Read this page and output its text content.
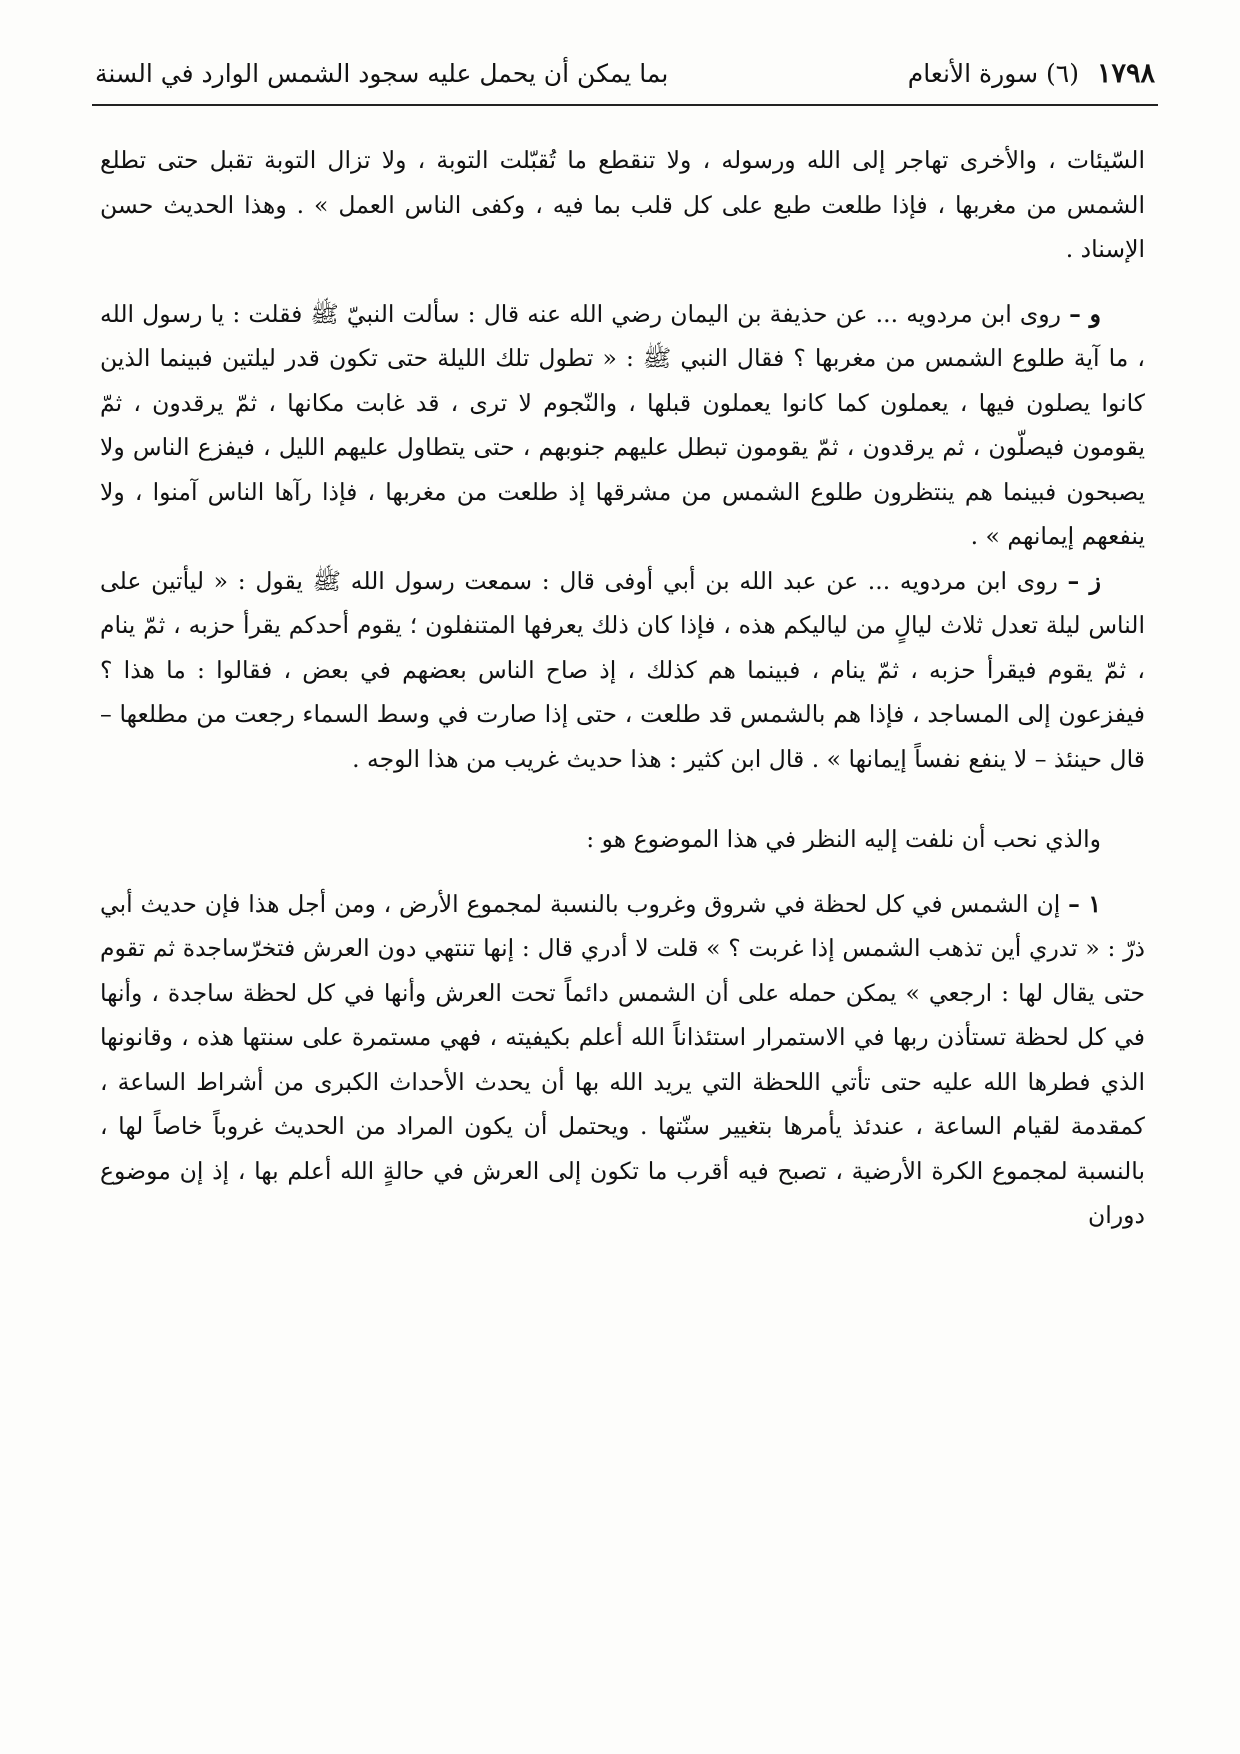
١٧٩٨
(٦) سورة الأنعام
بما يمكن أن يحمل عليه سجود الشمس الوارد في السنة

السّيئات ، والأخرى تهاجر إلى الله ورسوله ، ولا تنقطع ما تُقبّلت التوبة ، ولا تزال التوبة تقبل حتى تطلع الشمس من مغربها ، فإذا طلعت طبع على كل قلب بما فيه ، وكفى الناس العمل » . وهذا الحديث حسن الإسناد .

و – روى ابن مردويه ... عن حذيفة بن اليمان رضي الله عنه قال : سألت النبيّ ﷺ فقلت : يا رسول الله ، ما آية طلوع الشمس من مغربها ؟ فقال النبي ﷺ : « تطول تلك الليلة حتى تكون قدر ليلتين فبينما الذين كانوا يصلون فيها ، يعملون كما كانوا يعملون قبلها ، والنّجوم لا ترى ، قد غابت مكانها ، ثمّ يرقدون ، ثمّ يقومون فيصلّون ، ثم يرقدون ، ثمّ يقومون تبطل عليهم جنوبهم ، حتى يتطاول عليهم الليل ، فيفزع الناس ولا يصبحون فبينما هم ينتظرون طلوع الشمس من مشرقها إذ طلعت من مغربها ، فإذا رآها الناس آمنوا ، ولا ينفعهم إيمانهم » .

ز – روى ابن مردويه ... عن عبد الله بن أبي أوفى قال : سمعت رسول الله ﷺ يقول : « ليأتين على الناس ليلة تعدل ثلاث ليالٍ من لياليكم هذه ، فإذا كان ذلك يعرفها المتنفلون ؛ يقوم أحدكم يقرأ حزبه ، ثمّ ينام ، ثمّ يقوم فيقرأ حزبه ، ثمّ ينام ، فبينما هم كذلك ، إذ صاح الناس بعضهم في بعض ، فقالوا : ما هذا ؟ فيفزعون إلى المساجد ، فإذا هم بالشمس قد طلعت ، حتى إذا صارت في وسط السماء رجعت من مطلعها – قال حينئذ – لا ينفع نفساً إيمانها » . قال ابن كثير : هذا حديث غريب من هذا الوجه .

والذي نحب أن نلفت إليه النظر في هذا الموضوع هو :

١ – إن الشمس في كل لحظة في شروق وغروب بالنسبة لمجموع الأرض ، ومن أجل هذا فإن حديث أبي ذرّ : « تدري أين تذهب الشمس إذا غربت ؟ » قلت لا أدري قال : إنها تنتهي دون العرش فتخرّساجدة ثم تقوم حتى يقال لها : ارجعي » يمكن حمله على أن الشمس دائماً تحت العرش وأنها في كل لحظة ساجدة ، وأنها في كل لحظة تستأذن ربها في الاستمرار استئذاناً الله أعلم بكيفيته ، فهي مستمرة على سنتها هذه ، وقانونها الذي فطرها الله عليه حتى تأتي اللحظة التي يريد الله بها أن يحدث الأحداث الكبرى من أشراط الساعة ، كمقدمة لقيام الساعة ، عندئذ يأمرها بتغيير سنّتها . ويحتمل أن يكون المراد من الحديث غروباً خاصاً لها ، بالنسبة لمجموع الكرة الأرضية ، تصبح فيه أقرب ما تكون إلى العرش في حالةٍ الله أعلم بها ، إذ إن موضوع دوران
